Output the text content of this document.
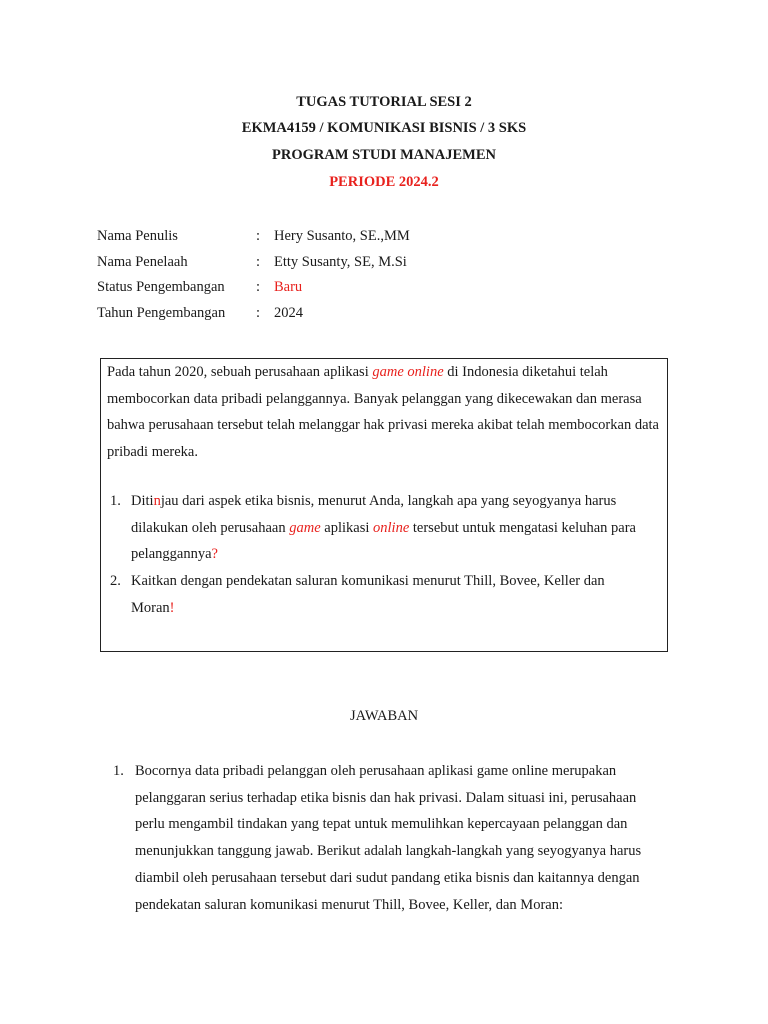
TUGAS TUTORIAL SESI 2
EKMA4159 / KOMUNIKASI BISNIS / 3 SKS
PROGRAM STUDI MANAJEMEN
PERIODE 2024.2
Nama Penulis	: Hery Susanto, SE.,MM
Nama Penelaah	: Etty Susanty, SE, M.Si
Status Pengembangan : Baru
Tahun Pengembangan : 2024
Pada tahun 2020, sebuah perusahaan aplikasi game online di Indonesia diketahui telah membocorkan data pribadi pelanggannya. Banyak pelanggan yang dikecewakan dan merasa bahwa perusahaan tersebut telah melanggar hak privasi mereka akibat telah membocorkan data pribadi mereka.
1. Ditinjau dari aspek etika bisnis, menurut Anda, langkah apa yang seyogyanya harus dilakukan oleh perusahaan game aplikasi online tersebut untuk mengatasi keluhan para pelanggannya?
2. Kaitkan dengan pendekatan saluran komunikasi menurut Thill, Bovee, Keller dan Moran!
JAWABAN
1. Bocornya data pribadi pelanggan oleh perusahaan aplikasi game online merupakan pelanggaran serius terhadap etika bisnis dan hak privasi. Dalam situasi ini, perusahaan perlu mengambil tindakan yang tepat untuk memulihkan kepercayaan pelanggan dan menunjukkan tanggung jawab. Berikut adalah langkah-langkah yang seyogyanya harus diambil oleh perusahaan tersebut dari sudut pandang etika bisnis dan kaitannya dengan pendekatan saluran komunikasi menurut Thill, Bovee, Keller, dan Moran:
